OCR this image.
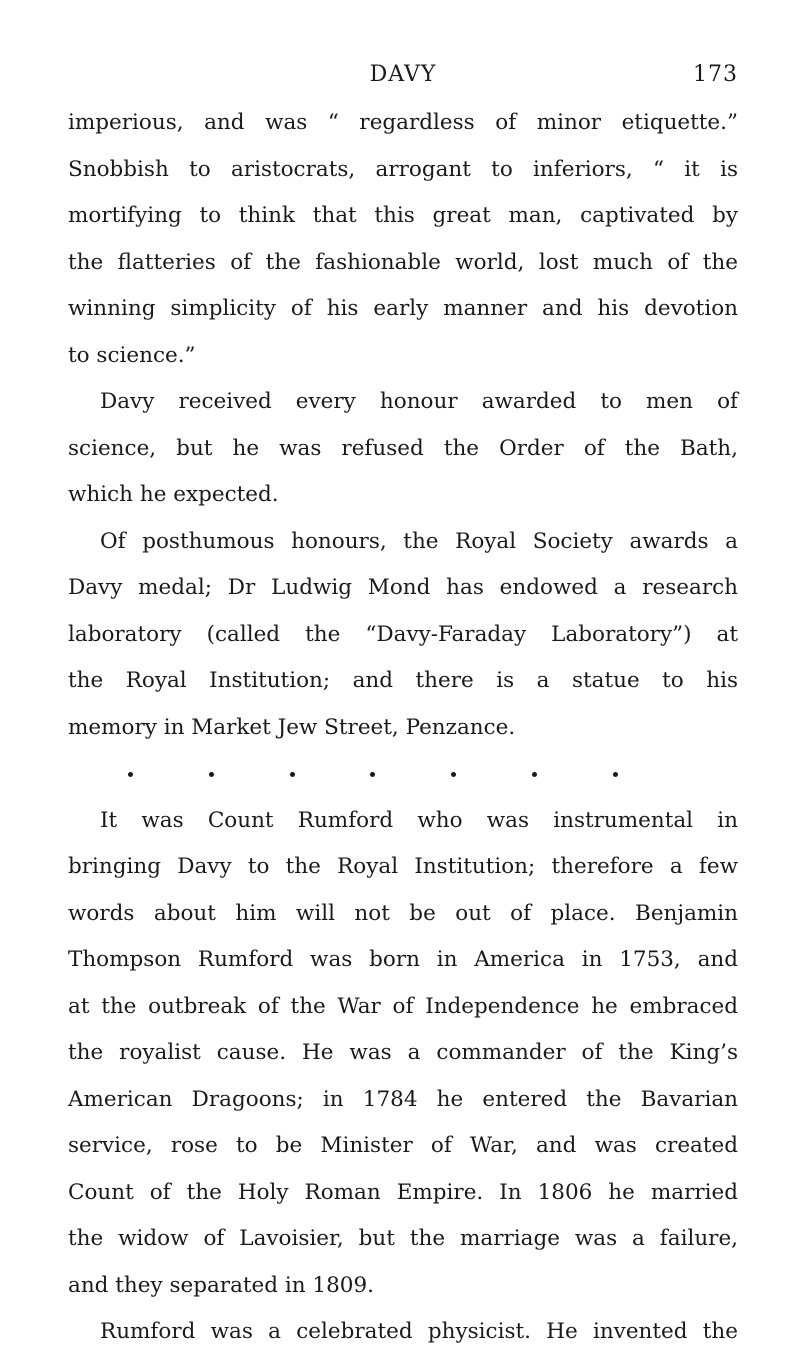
DAVY	173
imperious, and was “ regardless of minor etiquette.”
Snobbish to aristocrats, arrogant to inferiors, “ it is
mortifying to think that this great man, captivated by
the flatteries of the fashionable world, lost much of the
winning simplicity of his early manner and his devotion
to science.”
Davy received every honour awarded to men of
science, but he was refused the Order of the Bath,
which he expected.
Of posthumous honours, the Royal Society awards a
Davy medal; Dr Ludwig Mond has endowed a research
laboratory (called the “Davy-Faraday Laboratory”) at
the Royal Institution; and there is a statue to his
memory in Market Jew Street, Penzance.
It was Count Rumford who was instrumental in
bringing Davy to the Royal Institution; therefore a few
words about him will not be out of place. Benjamin
Thompson Rumford was born in America in 1753, and
at the outbreak of the War of Independence he embraced
the royalist cause. He was a commander of the King’s
American Dragoons; in 1784 he entered the Bavarian
service, rose to be Minister of War, and was created
Count of the Holy Roman Empire. In 1806 he married
the widow of Lavoisier, but the marriage was a failure,
and they separated in 1809.
Rumford was a celebrated physicist. He invented the
